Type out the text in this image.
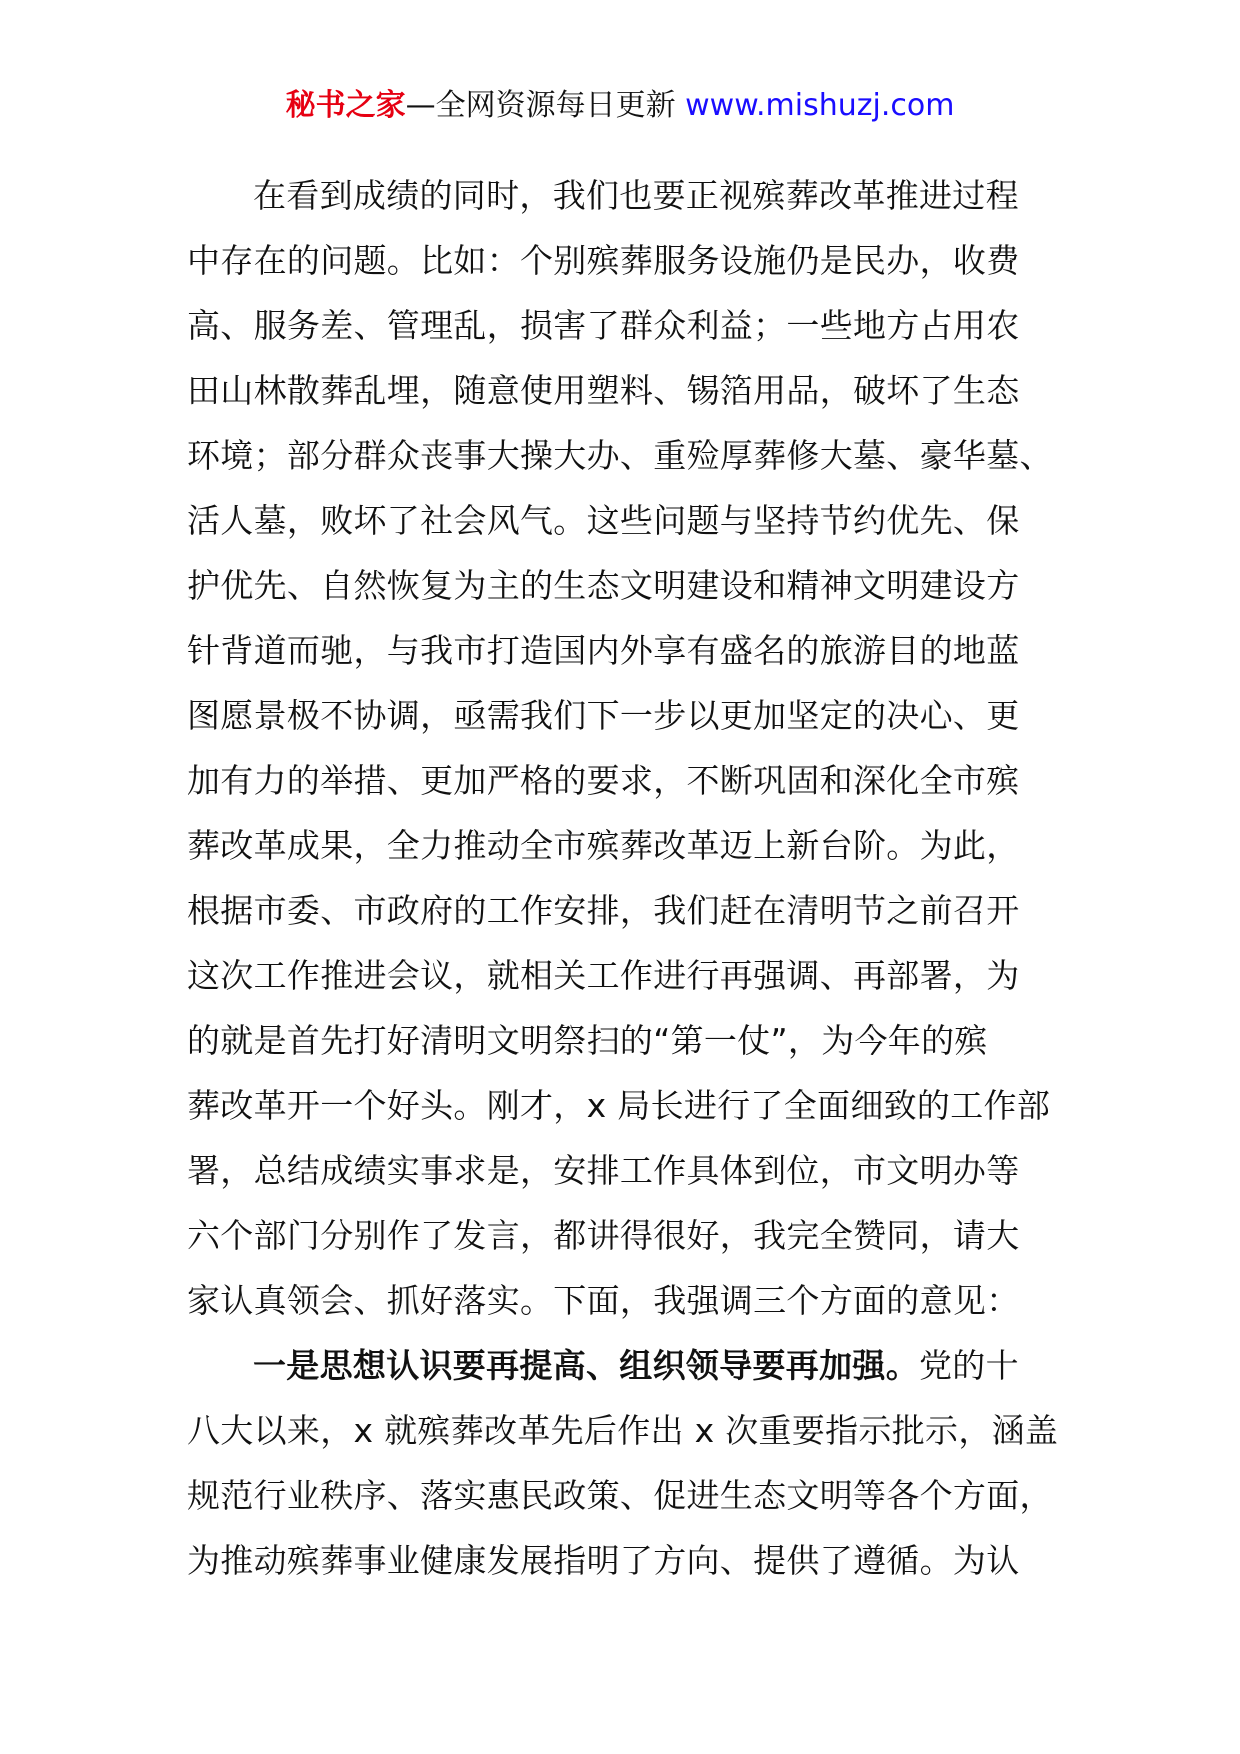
秘书之家—全网资源每日更新 www.mishuzj.com
在看到成绩的同时，我们也要正视殡葬改革推进过程
中存在的问题。比如：个别殡葬服务设施仍是民办，收费
高、服务差、管理乱，损害了群众利益；一些地方占用农
田山林散葬乱埋，随意使用塑料、锡箔用品，破坏了生态
环境；部分群众丧事大操大办、重殓厚葬修大墓、豪华墓、
活人墓，败坏了社会风气。这些问题与坚持节约优先、保
护优先、自然恢复为主的生态文明建设和精神文明建设方
针背道而驰，与我市打造国内外享有盛名的旅游目的地蓝
图愿景极不协调，亟需我们下一步以更加坚定的决心、更
加有力的举措、更加严格的要求，不断巩固和深化全市殡
葬改革成果，全力推动全市殡葬改革迈上新台阶。为此，
根据市委、市政府的工作安排，我们赶在清明节之前召开
这次工作推进会议，就相关工作进行再强调、再部署，为
的就是首先打好清明文明祭扫的“第一仗”，为今年的殡
葬改革开一个好头。刚才，x 局长进行了全面细致的工作部
署，总结成绩实事求是，安排工作具体到位，市文明办等
六个部门分别作了发言，都讲得很好，我完全赞同，请大
家认真领会、抓好落实。下面，我强调三个方面的意见：
一是思想认识要再提高、组织领导要再加强。党的十
八大以来，x 就殡葬改革先后作出 x 次重要指示批示，涵盖
规范行业秩序、落实惠民政策、促进生态文明等各个方面，
为推动殡葬事业健康发展指明了方向、提供了遵循。为认
